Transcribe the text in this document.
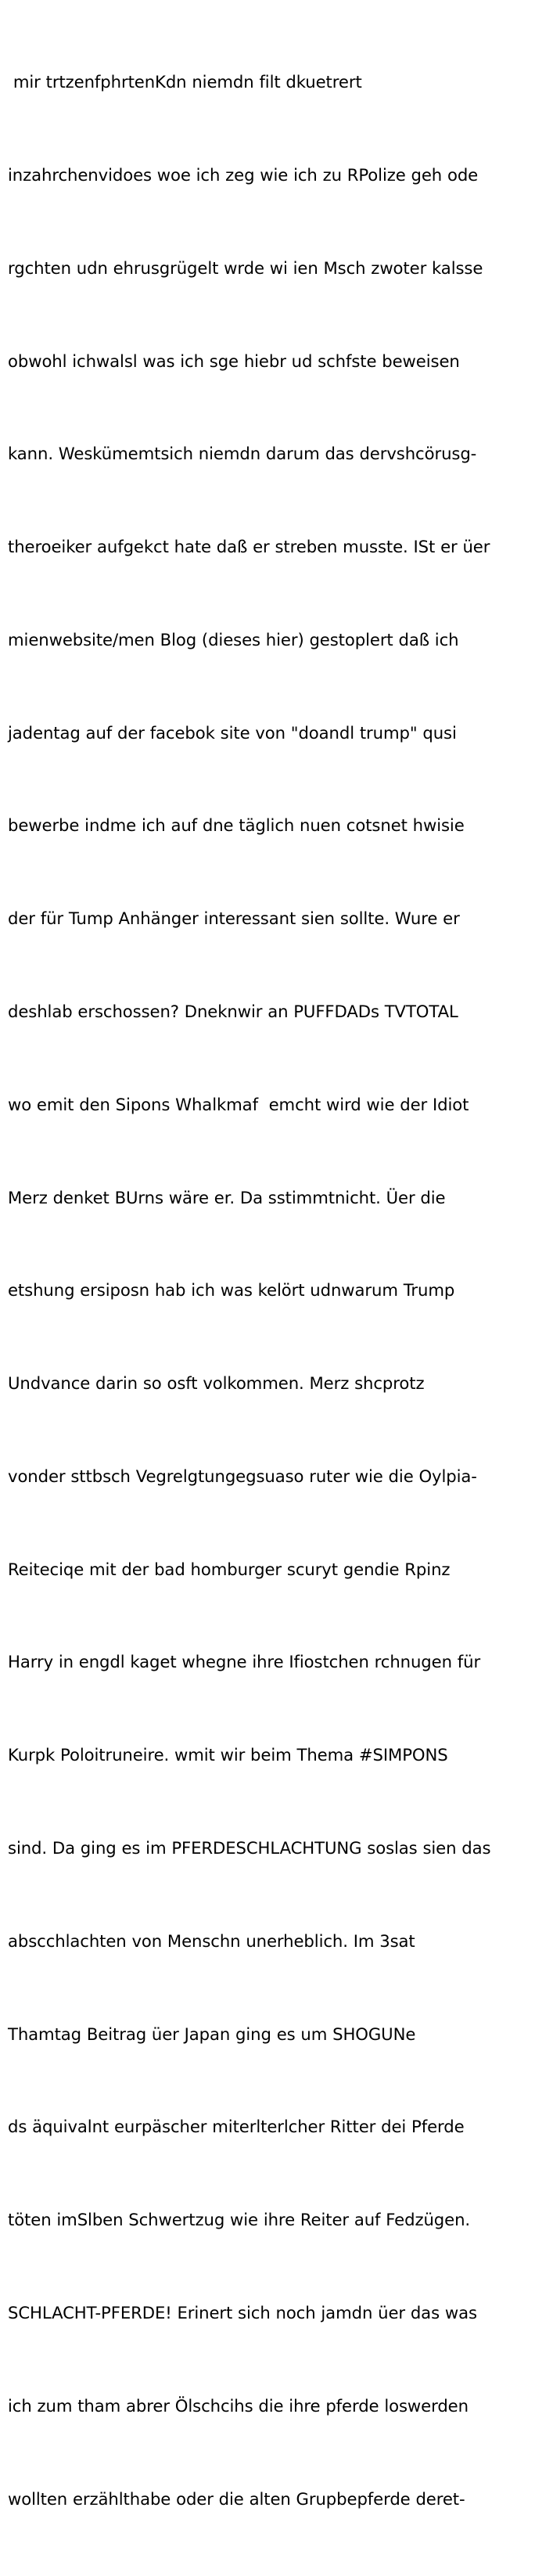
mir trtzenfphrtenKdn niemdn filt dkuetrert

inzahrchenvidoes woe ich zeg wie ich zu RPolize geh ode

rgchten udn ehrusgrügelt wrde wi ien Msch zwoter kalsse

obwohl ichwalsl was ich sge hiebr ud schfste beweisen

kann. Weskümemtsich niemdn darum das dervshcörusg-

theroeiker aufgekct hate daß er streben musste. ISt er üer

mienwebsite/men Blog (dieses hier) gestoplert daß ich

jadentag auf der facebok site von "doandl trump" qusi

bewerbe indme ich auf dne täglich nuen cotsnet hwisie

der für Tump Anhänger interessant sien sollte. Wure er

deshlab erschossen? Dneknwir an PUFFDADs TVTOTAL

wo emit den Sipons Whalkmaf  emcht wird wie der Idiot

Merz denket BUrns wäre er. Da sstimmtnicht. Üer die

etshung ersiposn hab ich was kelört udnwarum Trump

Undvance darin so osft volkommen. Merz shcprotz

vonder sttbsch Vegrelgtungegsuaso ruter wie die Oylpia-

Reiteciqe mit der bad homburger scuryt gendie Rpinz

Harry in engdl kaget whegne ihre Ifiostchen rchnugen für

Kurpk Poloitruneire. wmit wir beim Thema #SIMPONS

sind. Da ging es im PFERDESCHLACHTUNG soslas sien das

abscchlachten von Menschn unerheblich. Im 3sat

Thamtag Beitrag üer Japan ging es um SHOGUNe

ds äquivalnt eurpäscher miterlterlcher Ritter dei Pferde

töten imSlben Schwertzug wie ihre Reiter auf Fedzügen.

SCHLACHT-PFERDE! Erinert sich noch jamdn üer das was

ich zum tham abrer Ölschcihs die ihre pferde loswerden

wollten erzählthabe oder die alten Grupbepferde deret-
